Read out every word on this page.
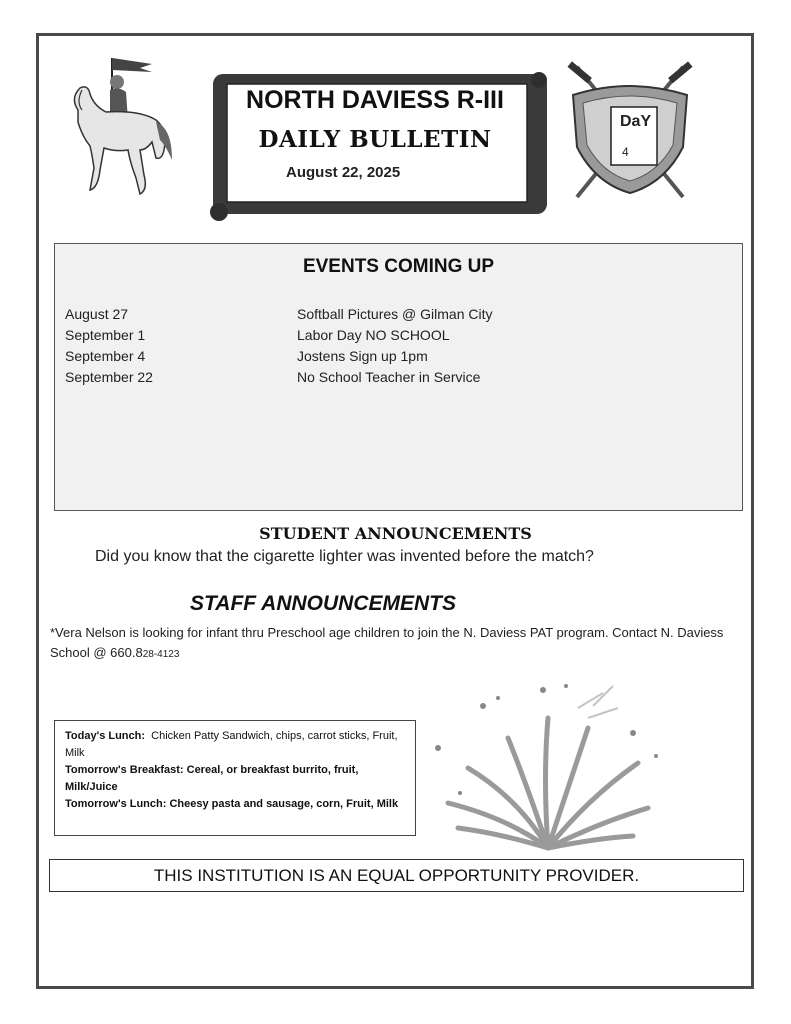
NORTH DAVIESS R-III
DAILY BULLETIN
August 22, 2025
DaY
4
EVENTS COMING UP
August 27	Softball Pictures @ Gilman City
September 1	Labor Day NO SCHOOL
September 4	Jostens Sign up 1pm
September 22	No School Teacher in Service
STUDENT ANNOUNCEMENTS
Did you know that the cigarette lighter was invented before the match?
STAFF ANNOUNCEMENTS
*Vera Nelson is looking for infant thru Preschool age children to join the N. Daviess PAT program. Contact N. Daviess School @ 660.828-4123
Today's Lunch: Chicken Patty Sandwich, chips, carrot sticks, Fruit, Milk
Tomorrow's Breakfast: Cereal, or breakfast burrito, fruit, Milk/Juice
Tomorrow's Lunch: Cheesy pasta and sausage, corn, Fruit, Milk
THIS INSTITUTION IS AN EQUAL OPPORTUNITY PROVIDER.
